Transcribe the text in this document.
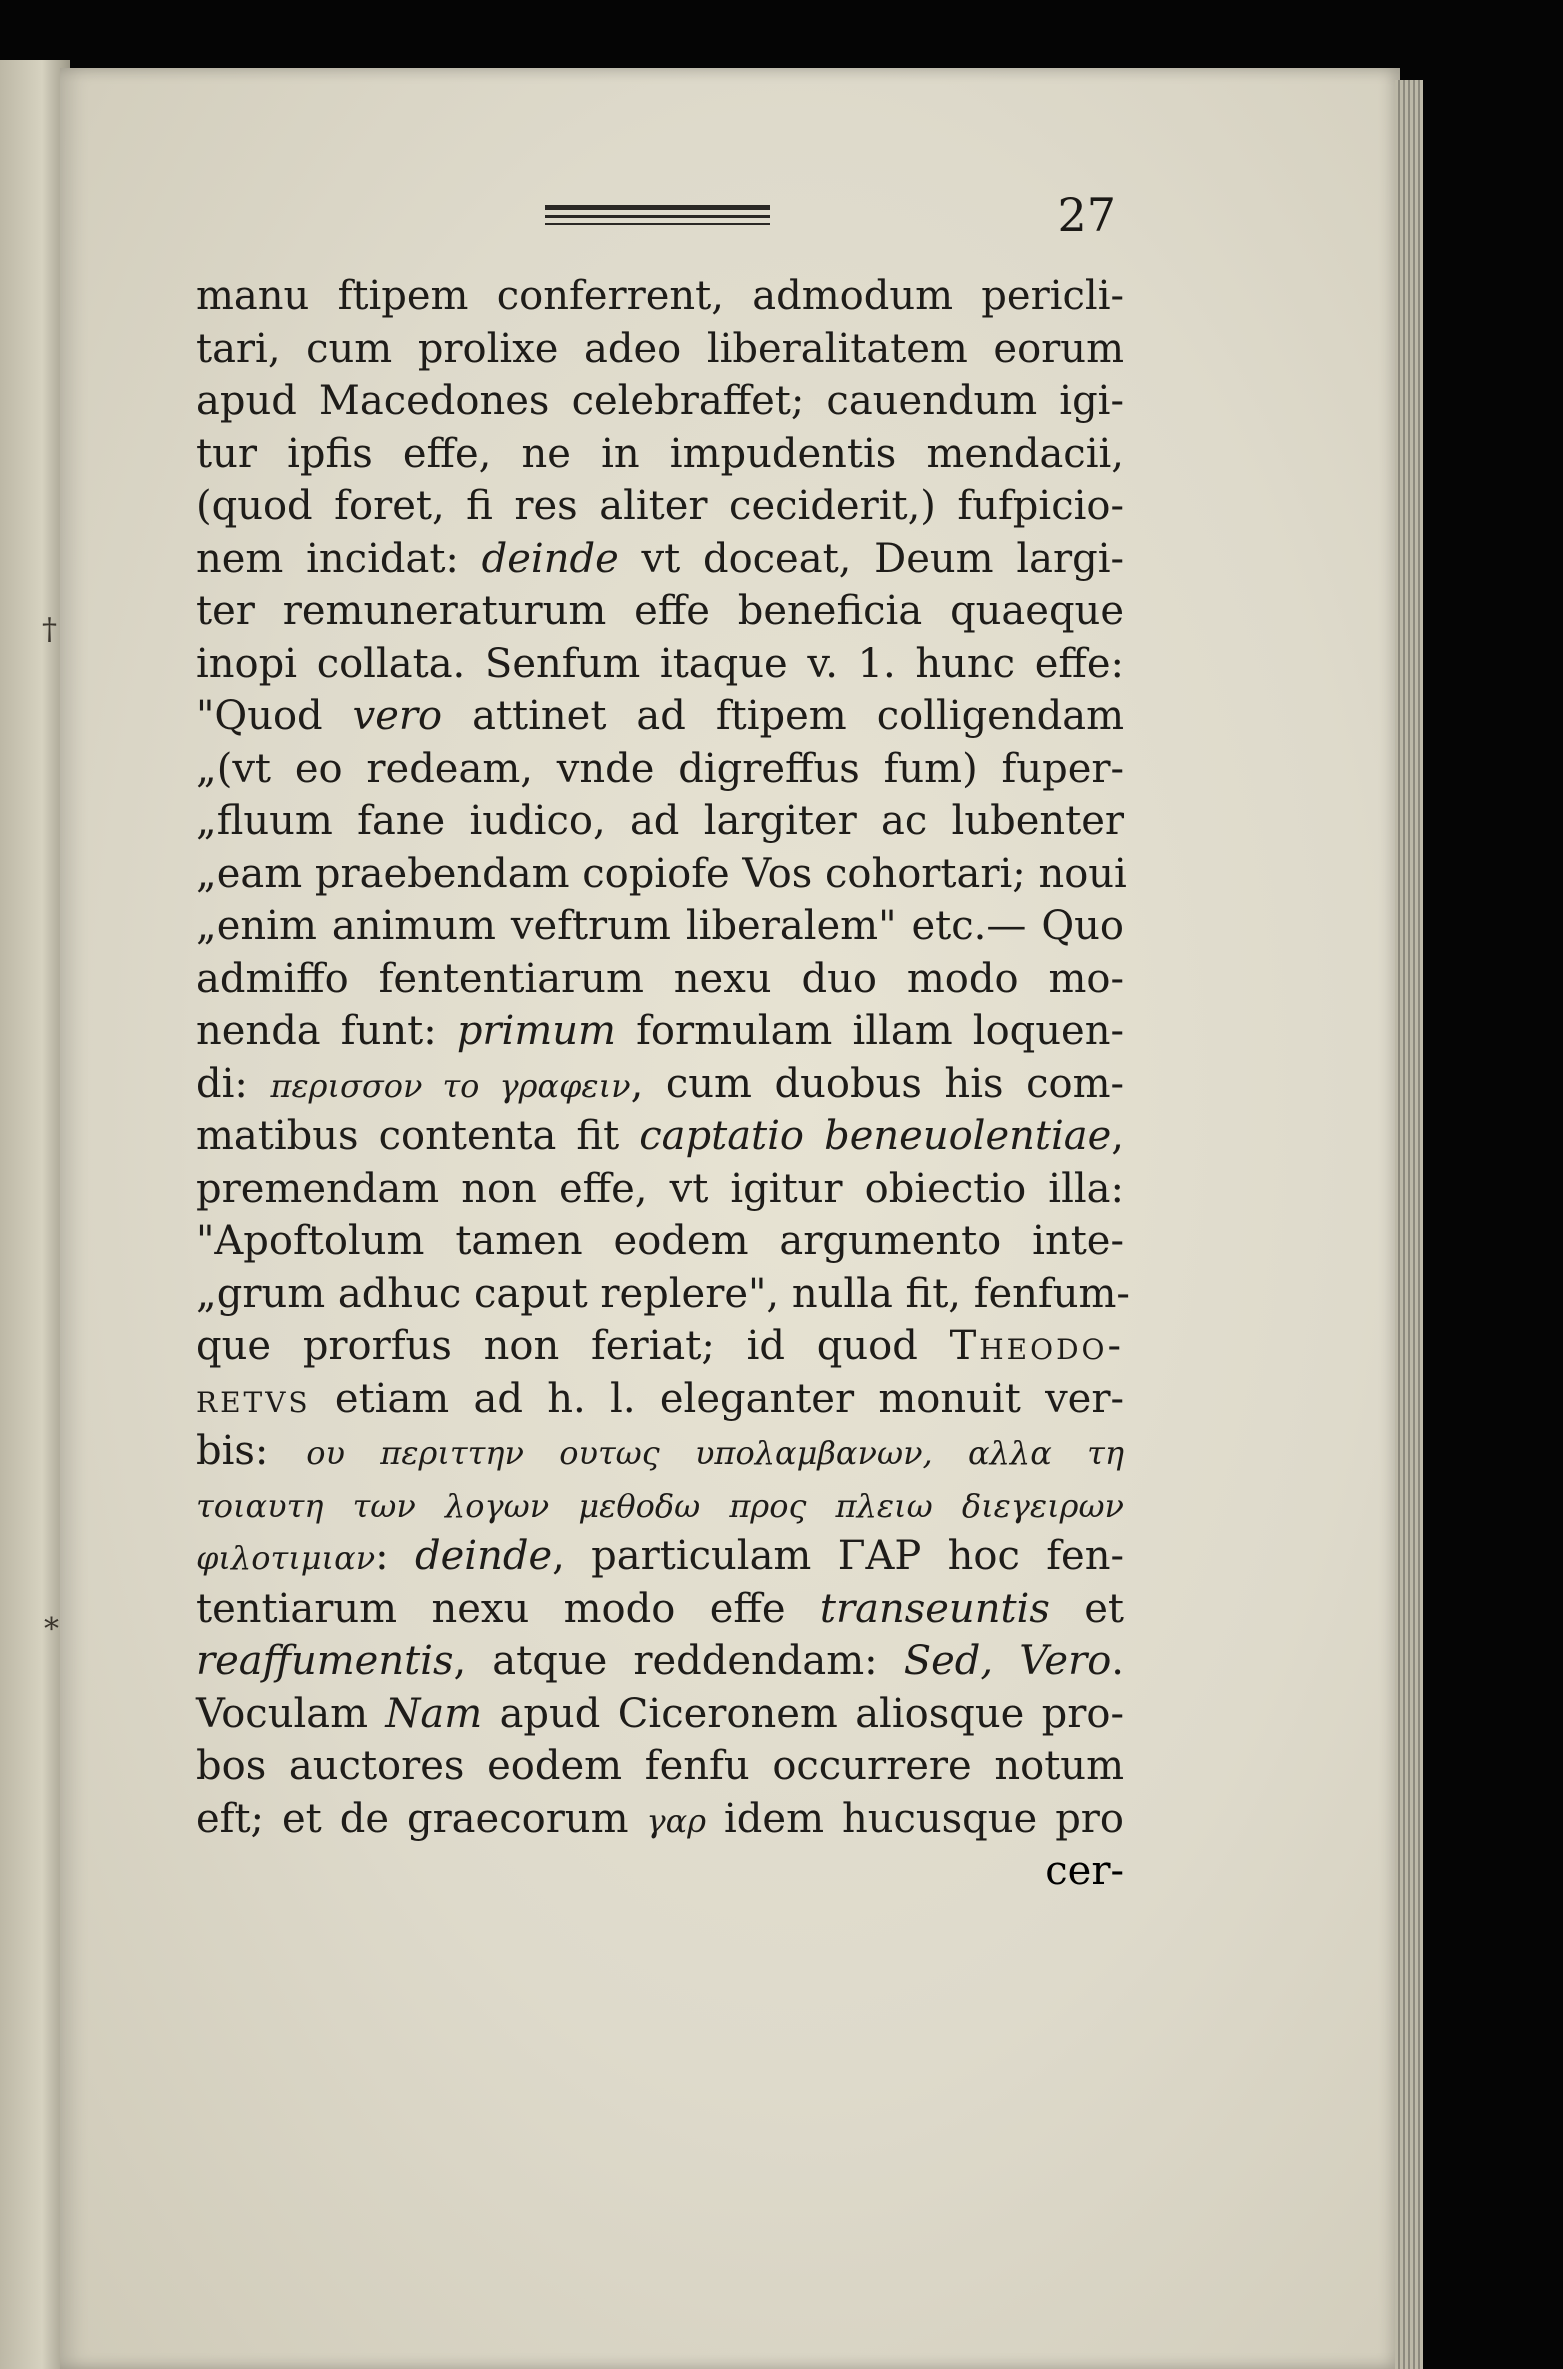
27
manu ftipem conferrent, admodum pericli-
tari, cum prolixe adeo liberalitatem eorum
apud Macedones celebraffet; cauendum igi-
tur ipfis effe, ne in impudentis mendacii,
(quod foret, fi res aliter ceciderit,) fufpicio-
nem incidat: deinde vt doceat, Deum largi-
ter remuneraturum effe beneficia quaeque
inopi collata. Senfum itaque v. 1. hunc effe:
"Quod vero attinet ad ftipem colligendam
„(vt eo redeam, vnde digreffus fum) fuper-
„fluum fane iudico, ad largiter ac lubenter
„eam praebendam copiofe Vos cohortari; noui
„enim animum veftrum liberalem" etc.— Quo
admiffo fententiarum nexu duo modo mo-
nenda funt: primum formulam illam loquen-
di: περισσον το γραφειν, cum duobus his com-
matibus contenta fit captatio beneuolentiae,
premendam non effe, vt igitur obiectio illa:
"Apoftolum tamen eodem argumento inte-
„grum adhuc caput replere", nulla fit, fenfum-
que prorfus non feriat; id quod Theodo-
retvs etiam ad h. l. eleganter monuit ver-
bis: ου περιττην ουτως υπολαμβανων, αλλα τη
τοιαυτη των λογων μεθοδω προς πλειω διεγειρων
φιλοτιμιαν: deinde, particulam ΓΑΡ hoc fen-
tentiarum nexu modo effe transeuntis et
reaffumentis, atque reddendam: Sed, Vero.
Voculam Nam apud Ciceronem aliosque pro-
bos auctores eodem fenfu occurrere notum
eft; et de graecorum γαρ idem hucusque pro
cer-
†
*
